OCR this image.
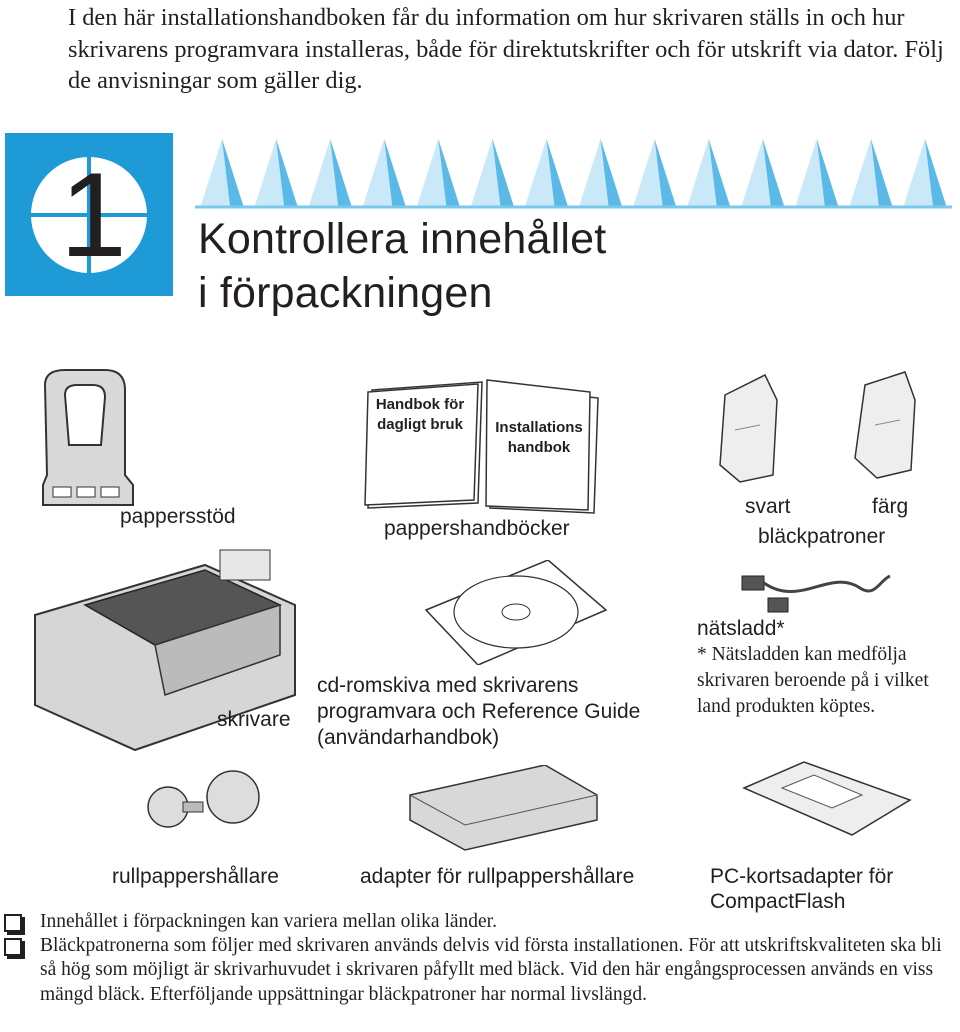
I den här installationshandboken får du information om hur skrivaren ställs in och hur skrivarens programvara installeras, både för direktutskrifter och för utskrift via dator. Följ de anvisningar som gäller dig.
1 Kontrollera innehållet
i förpackningen
pappersstöd
Handbok för dagligt bruk	Installations handbok
pappershandböcker
svart	färg
bläckpatroner
skrivare
cd-romskiva med skrivarens programvara och Reference Guide (användarhandbok)
nätsladd*
* Nätsladden kan medfölja skrivaren beroende på i vilket land produkten köptes.
rullpappershållare	adapter för rullpappershållare	PC-kortsadapter för CompactFlash
Innehållet i förpackningen kan variera mellan olika länder.
Bläckpatronerna som följer med skrivaren används delvis vid första installationen. För att utskriftskvaliteten ska bli så hög som möjligt är skrivarhuvudet i skrivaren påfyllt med bläck. Vid den här engångsprocessen används en viss mängd bläck. Efterföljande uppsättningar bläckpatroner har normal livslängd.
